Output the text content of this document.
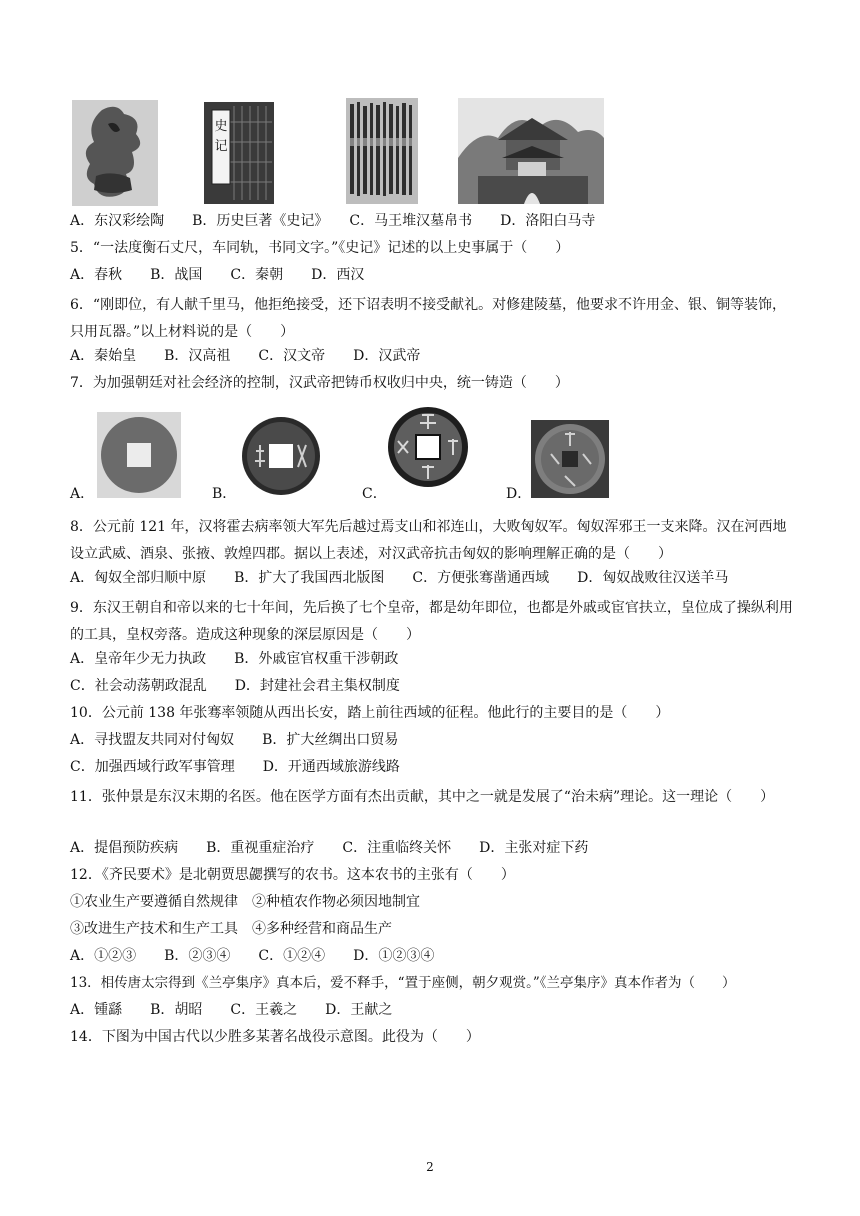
史
记
A．东汉彩绘陶　　B．历史巨著《史记》　　C．马王堆汉墓帛书　　D．洛阳白马寺
5．“一法度衡石丈尺，车同轨，书同文字。”《史记》记述的以上史事属于（　　）
A．春秋　　B．战国　　C．秦朝　　D．西汉
6．“刚即位，有人献千里马，他拒绝接受，还下诏表明不接受献礼。对修建陵墓，他要求不许用金、银、铜等装饰，只用瓦器。”以上材料说的是（　　）
A．秦始皇　　B．汉高祖　　C．汉文帝　　D．汉武帝
7．为加强朝廷对社会经济的控制，汉武帝把铸币权收归中央，统一铸造（　　）
A．	B．	C．	D．
8．公元前 121 年，汉将霍去病率领大军先后越过焉支山和祁连山，大败匈奴军。匈奴浑邪王一支来降。汉在河西地设立武威、酒泉、张掖、敦煌四郡。据以上表述，对汉武帝抗击匈奴的影响理解正确的是（　　）
A．匈奴全部归顺中原　　B．扩大了我国西北版图　　C．方便张骞凿通西域　　D．匈奴战败往汉送羊马
9．东汉王朝自和帝以来的七十年间，先后换了七个皇帝，都是幼年即位，也都是外戚或宦官扶立，皇位成了操纵利用的工具，皇权旁落。造成这种现象的深层原因是（　　）
A．皇帝年少无力执政　　B．外戚宦官权重干涉朝政
C．社会动荡朝政混乱　　D．封建社会君主集权制度
10．公元前 138 年张骞率领随从西出长安，踏上前往西域的征程。他此行的主要目的是（　　）
A．寻找盟友共同对付匈奴　　B．扩大丝绸出口贸易
C．加强西域行政军事管理　　D．开通西域旅游线路
11．张仲景是东汉末期的名医。他在医学方面有杰出贡献，其中之一就是发展了“治未病”理论。这一理论（　　）
A．提倡预防疾病　　B．重视重症治疗　　C．注重临终关怀　　D．主张对症下药
12．《齐民要术》是北朝贾思勰撰写的农书。这本农书的主张有（　　）
①农业生产要遵循自然规律　②种植农作物必须因地制宜
③改进生产技术和生产工具　④多种经营和商品生产
A．①②③　　B．②③④　　C．①②④　　D．①②③④
13．相传唐太宗得到《兰亭集序》真本后，爱不释手，“置于座侧，朝夕观赏。”《兰亭集序》真本作者为（　　）
A．锺繇　　B．胡昭　　C．王羲之　　D．王献之
14．下图为中国古代以少胜多某著名战役示意图。此役为（　　）
2
